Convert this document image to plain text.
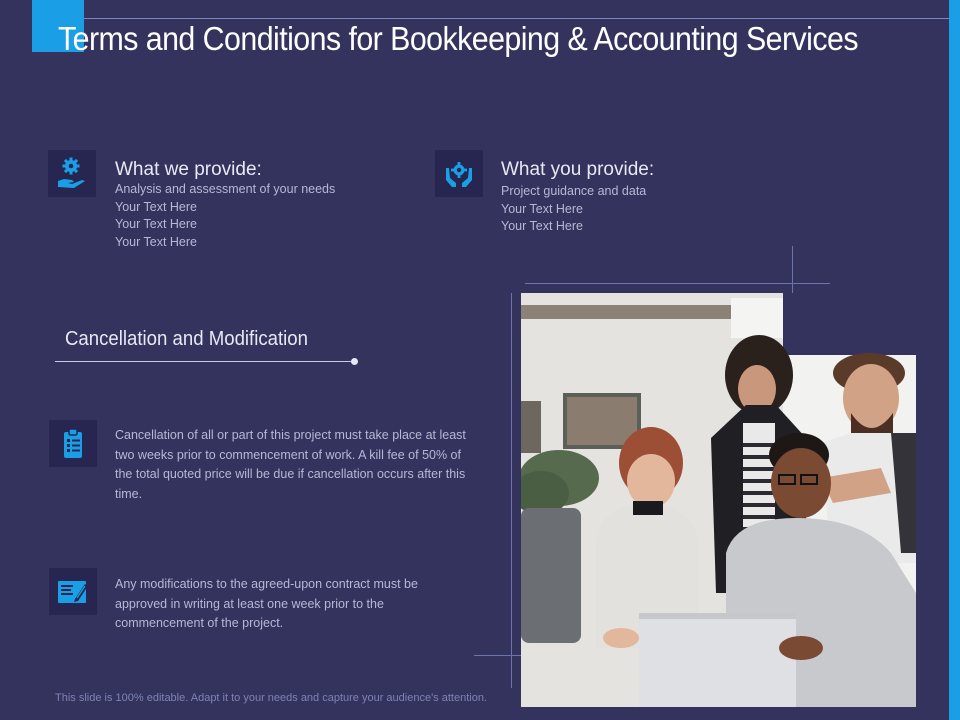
Terms and Conditions for Bookkeeping & Accounting Services
What we provide:
Analysis and assessment of your needs
Your Text Here
Your Text Here
Your Text Here
What you provide:
Project guidance and data
Your Text Here
Your Text Here
Cancellation and Modification
Cancellation of all or part of this project must take place at least two weeks prior to commencement of work. A kill fee of 50% of the total quoted price will be due if cancellation occurs after this time.
Any modifications to the agreed-upon contract must be approved in writing at least one week prior to the commencement of the project.
This slide is 100% editable. Adapt it to your needs and capture your audience's attention.
